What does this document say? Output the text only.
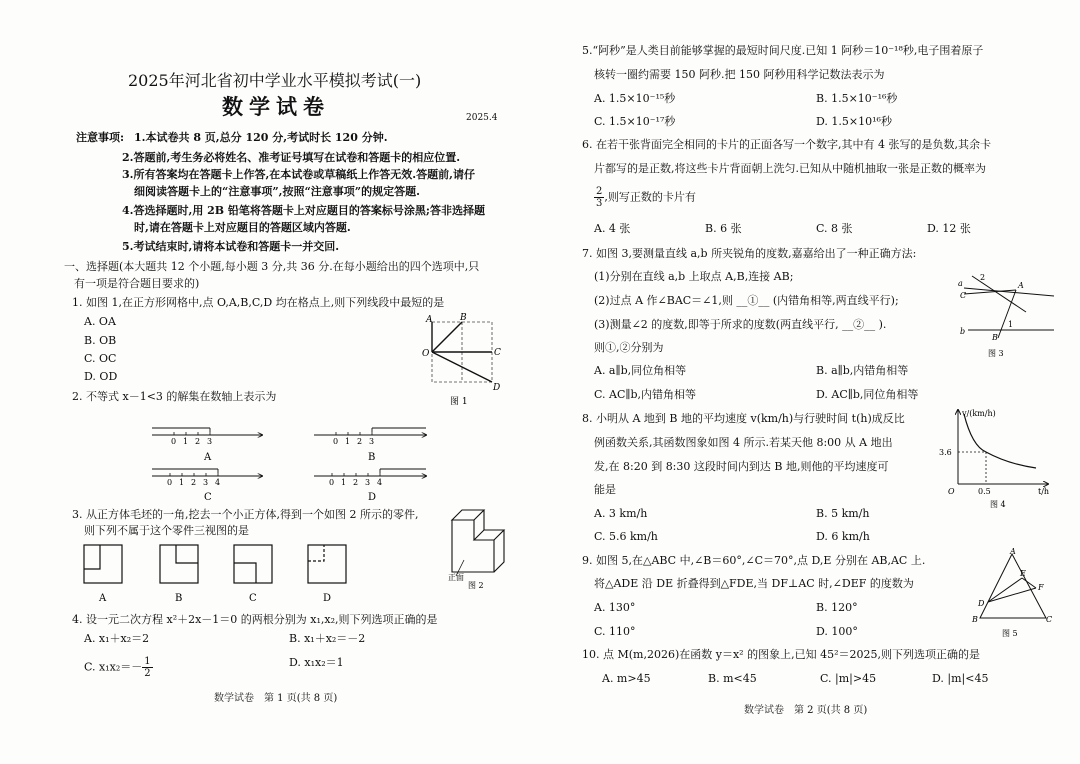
2025年河北省初中学业水平模拟考试(一)
数学试卷	2025.4
注意事项: 1.本试卷共 8 页,总分 120 分,考试时长 120 分钟.
2.答题前,考生务必将姓名、准考证号填写在试卷和答题卡的相应位置.
3.所有答案均在答题卡上作答,在本试卷或草稿纸上作答无效.答题前,请仔
细阅读答题卡上的“注意事项”,按照“注意事项”的规定答题.
4.答选择题时,用 2B 铅笔将答题卡上对应题目的答案标号涂黑;答非选择题
时,请在答题卡上对应题目的答题区域内答题.
5.考试结束时,请将本试卷和答题卡一并交回.
一、选择题(本大题共 12 个小题,每小题 3 分,共 36 分.在每小题给出的四个选项中,只
有一项是符合题目要求的)
1. 如图 1,在正方形网格中,点 O,A,B,C,D 均在格点上,则下列线段中最短的是
A. OA
B. OB
C. OC
D. OD
A	B
O	C
D
图 1
2. 不等式 x－1<3 的解集在数轴上表示为
0 1 2 3
A
0 1 2 3
B
0 1 2 3 4
C
0 1 2 3 4
D
3. 从正方体毛坯的一角,挖去一个小正方体,得到一个如图 2 所示的零件,
则下列不属于这个零件三视图的是
A	B	C	D
正面
图 2
4. 设一元二次方程 x²＋2x－1＝0 的两根分别为 x₁,x₂,则下列选项正确的是
A. x₁＋x₂＝2	B. x₁＋x₂＝－2
C. $x_1x_2=- \frac{1}{2}$	D. x₁x₂＝1
数学试卷　第 1 页(共 8 页)
5.“阿秒”是人类目前能够掌握的最短时间尺度.已知 1 阿秒＝10⁻¹⁸秒,电子围着原子
核转一圈约需要 150 阿秒.把 150 阿秒用科学记数法表示为
A. 1.5×10⁻¹⁵秒	B. 1.5×10⁻¹⁶秒
C. 1.5×10⁻¹⁷秒	D. 1.5×10¹⁶秒
6. 在若干张背面完全相同的卡片的正面各写一个数字,其中有 4 张写的是负数,其余卡
片都写的是正数,将这些卡片背面朝上洗匀.已知从中随机抽取一张是正数的概率为
$\frac{2}{3}$ ,则写正数的卡片有
A. 4 张	B. 6 张	C. 8 张	D. 12 张
7. 如图 3,要测量直线 a,b 所夹锐角的度数,嘉嘉给出了一种正确方法:
(1)分别在直线 a,b 上取点 A,B,连接 AB;
(2)过点 A 作∠BAC＝∠1,则 __①__ (内错角相等,两直线平行);
(3)测量∠2 的度数,即等于所求的度数(两直线平行, __②__ ).
则①,②分别为
A. a∥b,同位角相等	B. a∥b,内错角相等
C. AC∥b,内错角相等	D. AC∥b,同位角相等
a
2
C
A
1
b
B
图 3
8. 小明从 A 地到 B 地的平均速度 v(km/h)与行驶时间 t(h)成反比
例函数关系,其函数图象如图 4 所示.若某天他 8:00 从 A 地出
发,在 8:20 到 8:30 这段时间内到达 B 地,则他的平均速度可
能是
A. 3 km/h	B. 5 km/h
C. 5.6 km/h	D. 6 km/h
v/(km/h)
3.6
O	0.5	t/h
图 4
9. 如图 5,在△ABC 中,∠B＝60°,∠C＝70°,点 D,E 分别在 AB,AC 上.
将△ADE 沿 DE 折叠得到△FDE,当 DF⊥AC 时,∠DEF 的度数为
A. 130°	B. 120°
C. 110°	D. 100°
A
E
F
D
B	C
图 5
10. 点 M(m,2026)在函数 y＝x² 的图象上,已知 45²＝2025,则下列选项正确的是
A. m>45	B. m<45	C. |m|>45	D. |m|<45
数学试卷　第 2 页(共 8 页)
